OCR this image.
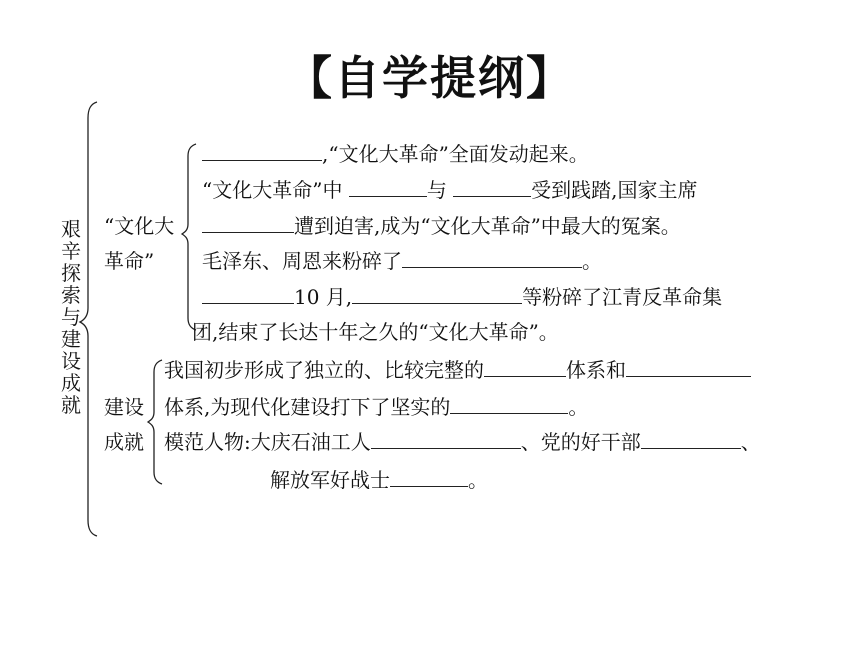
【自学提纲】
艰
辛
探
索
与
建
设
成
就
“文化大
革命”
,“文化大革命”全面发动起来。
“文化大革命”中	与	受到践踏,国家主席
遭到迫害,成为“文化大革命”中最大的冤案。
毛泽东、周恩来粉碎了	。
10 月,	等粉碎了江青反革命集
团,结束了长达十年之久的“文化大革命”。
建设
成就
我国初步形成了独立的、比较完整的	体系和
体系,为现代化建设打下了坚实的	。
模范人物:大庆石油工人	、党的好干部	、
解放军好战士	。
